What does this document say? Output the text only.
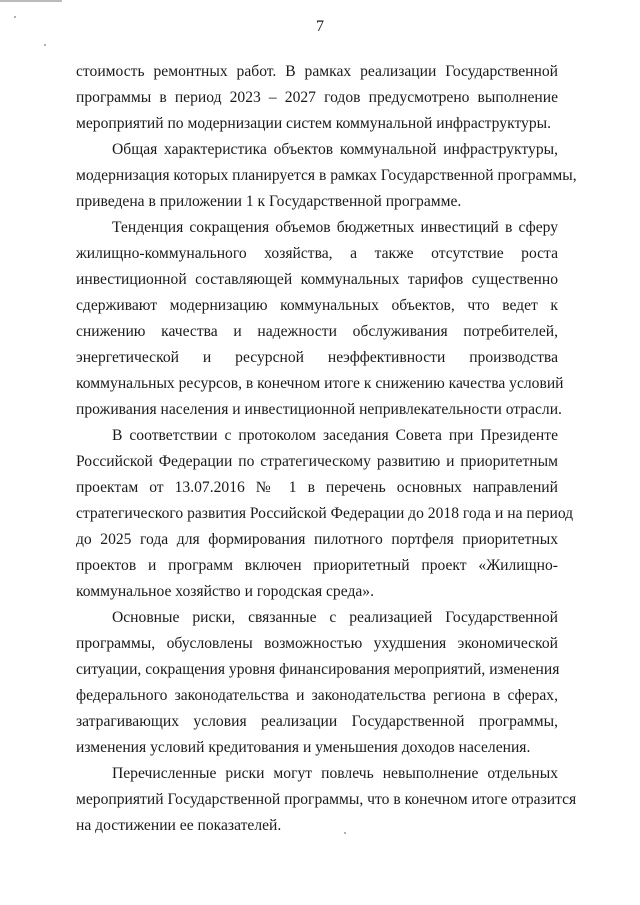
7
стоимость ремонтных работ. В рамках реализации Государственной
программы в период 2023 – 2027 годов предусмотрено выполнение
мероприятий по модернизации систем коммунальной инфраструктуры.
Общая характеристика объектов коммунальной инфраструктуры,
модернизация которых планируется в рамках Государственной программы,
приведена в приложении 1 к Государственной программе.
Тенденция сокращения объемов бюджетных инвестиций в сферу
жилищно-коммунального хозяйства, а также отсутствие роста
инвестиционной составляющей коммунальных тарифов существенно
сдерживают модернизацию коммунальных объектов, что ведет к
снижению качества и надежности обслуживания потребителей,
энергетической и ресурсной неэффективности производства
коммунальных ресурсов, в конечном итоге к снижению качества условий
проживания населения и инвестиционной непривлекательности отрасли.
В соответствии с протоколом заседания Совета при Президенте
Российской Федерации по стратегическому развитию и приоритетным
проектам от 13.07.2016 № 1 в перечень основных направлений
стратегического развития Российской Федерации до 2018 года и на период
до 2025 года для формирования пилотного портфеля приоритетных
проектов и программ включен приоритетный проект «Жилищно-
коммунальное хозяйство и городская среда».
Основные риски, связанные с реализацией Государственной
программы, обусловлены возможностью ухудшения экономической
ситуации, сокращения уровня финансирования мероприятий, изменения
федерального законодательства и законодательства региона в сферах,
затрагивающих условия реализации Государственной программы,
изменения условий кредитования и уменьшения доходов населения.
Перечисленные риски могут повлечь невыполнение отдельных
мероприятий Государственной программы, что в конечном итоге отразится
на достижении ее показателей.
